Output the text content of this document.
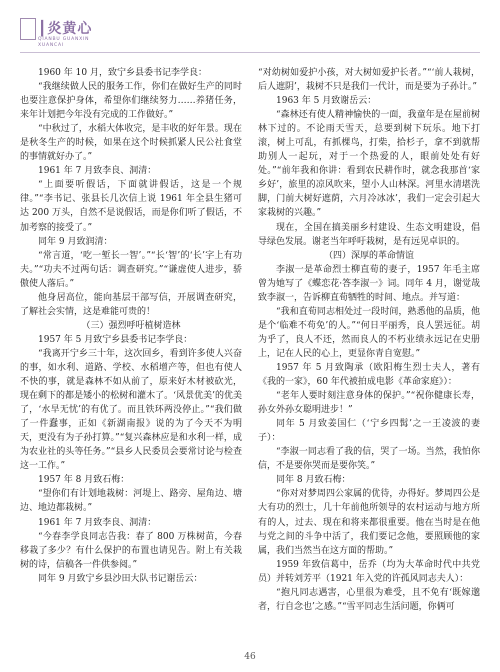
┃炎黄心
QIANBU GUANXIN
XUANCAI

1960 年 10 月，致宁乡县委书记李学良：

“我继续做人民的服务工作，你们在做好生产的同时也要注意保护身体，希望你们继续努力……养猪任务，来年计划把今年没有完成的工作做好。”

“中秋过了，水稻大体收完，是丰收的好年景。现在是秋冬生产的时候，如果在这个时候抓紧人民公社食堂的事情就好办了。”

1961 年 7 月致李良、洞清：

“上面要听假话，下面就讲假话，这是一个规律。”“李书记、张县长几次信上说 1961 年全县生猪可达 200 万头，自然不是说假话，而是你们听了假话，不加考察的接受了。”

同年 9 月致润清：

“常言道，‘吃一堑长一智’。”“长‘智’的‘长’字上有功夫。”“功夫不过两句话：调查研究。”“谦虚使人进步，骄傲使人落后。”

他身居高位，能向基层干部写信，开展调查研究，了解社会实情，这是难能可贵的！

（三）强烈呼吁植树造林

1957 年 5 月致宁乡县委书记李学良：

“我离开宁乡三十年，这次回乡，看到许多使人兴奋的事，如水利、道路、学校、水稻增产等，但也有使人不快的事，就是森林不如从前了，原来好木材被砍光，现在剩下的都是矮小的松树和灌木了。‘风景优美’的优美了，‘水旱无忧’的有优了。而且铁环两没停止。”“我们做了一件蠢事，正如《新湖南报》说的为了今天不为明天，更没有为子孙打算。”“复兴森林应是和水利一样，成为农业社的头等任务。”“县乡人民委员会要常讨论与检查这一工作。”

1957 年 8 月致石梅：

“望你们有计划地栽树：河堤上、路旁、屋角边、塘边、地边都栽树。”

1961 年 7 月致李良、洞清：

“今春李学良同志告我：春了 800 万株树苗，今春移栽了多少？有什么保护的布置也请见告。附上有关栽树的诗，信稿各一件供参阅。”

同年 9 月致宁乡县沙田大队书记谢岳云：

“对幼树如爱护小孩，对大树如爱护长者。”“‘前人栽树，后人遮阴’，栽树不只是我们一代计，而是要为子孙计。”

1963 年 5 月致谢岳云：

“森林还有使人精神愉快的一面，我童年是在屋前树林下过的。不论雨天雪天，总要到树下玩乐。地下打滚，树上可乱，有抓棵鸟，打柴，拾杉子，拿不到就帮助别人一起玩，对于一个热爱的人，眼前处处有好处。”“前年我和你讲：看到农民耕作时，就念我那首‘家乡好’，旅里的凉风吹来，望小人山林深。河里水清堪洗脚，门前大树好遮荫，六月冷冰冰’，我们一定会引起大家栽树的兴趣。”

现在，全国在搞美丽乡村建设、生态文明建设，倡导绿色发展。谢老当年呼吁栽树，是有远见卓识的。

（四）深厚的革命情谊

李淑一是革命烈士柳直荀的妻子，1957 年毛主席曾为她写了《蝶恋花·答李淑一》词。同年 4 月，谢觉哉致李淑一，告诉柳直荀牺牲的时间、地点。并写道：

“我和直荀同志相处过一段时间，熟悉他的品质，他是个‘临难不苟免’的人。”“何日平丽秀，良人罢远征。胡为乎了，良人不还，然而良人的不朽业绩永远记在史册上，记在人民的心上，更显你青自宽慰。”

1957 年 5 月致陶承（欧阳梅生烈士夫人，著有《我的一家》，60 年代被拍成电影《革命家庭》）：

“老年人要时刻注意身体的保护。”“祝你健康长寿，孙女外孙女聪明进步！”

同年 5 月致姜国仁（‘宁乡四髯’之一王凌波的妻子）：

“李淑一同志看了我的信，哭了一场。当然，我怕你信，不是要你哭而是要你笑。”

同年 8 月致石梅：

“你对对梦周四公家属的优待，办得好。梦周四公是大有功的烈士，几十年前他所领导的农村运动与地方所有的人，过去、现在和将来都很重要。他在当时是在他与党之间的斗争中活了，我们要记念他，要照顾他的家属，我们当然当在这方面的帮助。”

1959 年致信葛中，岳乔（均为大革命时代中共党员）并转刘芳平（1921 年入党的许孤风同志夫人）：

“抱凡同志遇害，心里很为难受，且不免有‘既嫁邈者，行自念也’之感。”“雪平同志生活问题，你俩可

46
